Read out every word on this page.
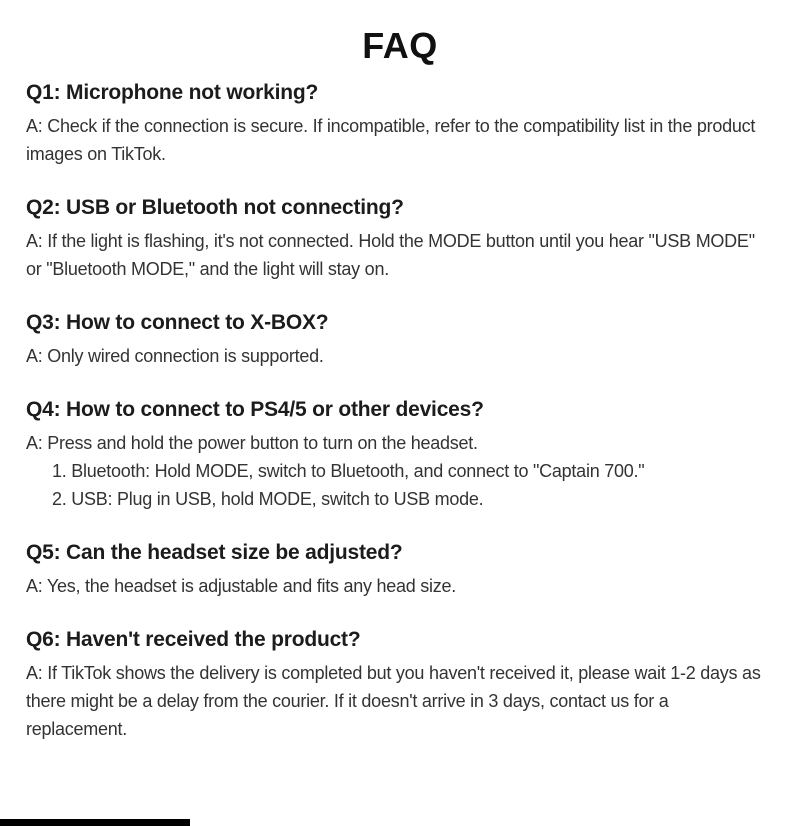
FAQ
Q1: Microphone not working?

A: Check if the connection is secure. If incompatible, refer to the compatibility list in the product images on TikTok.

Q2: USB or Bluetooth not connecting?

A: If the light is flashing, it's not connected. Hold the MODE button until you hear "USB MODE" or "Bluetooth MODE," and the light will stay on.

Q3: How to connect to X-BOX?

A: Only wired connection is supported.

Q4: How to connect to PS4/5 or other devices?

A: Press and hold the power button to turn on the headset.

1. Bluetooth: Hold MODE, switch to Bluetooth, and connect to "Captain 700."

2. USB: Plug in USB, hold MODE, switch to USB mode.

Q5: Can the headset size be adjusted?

A: Yes, the headset is adjustable and fits any head size.

Q6: Haven't received the product?

A: If TikTok shows the delivery is completed but you haven't received it, please wait 1-2 days as there might be a delay from the courier. If it doesn't arrive in 3 days, contact us for a replacement.
